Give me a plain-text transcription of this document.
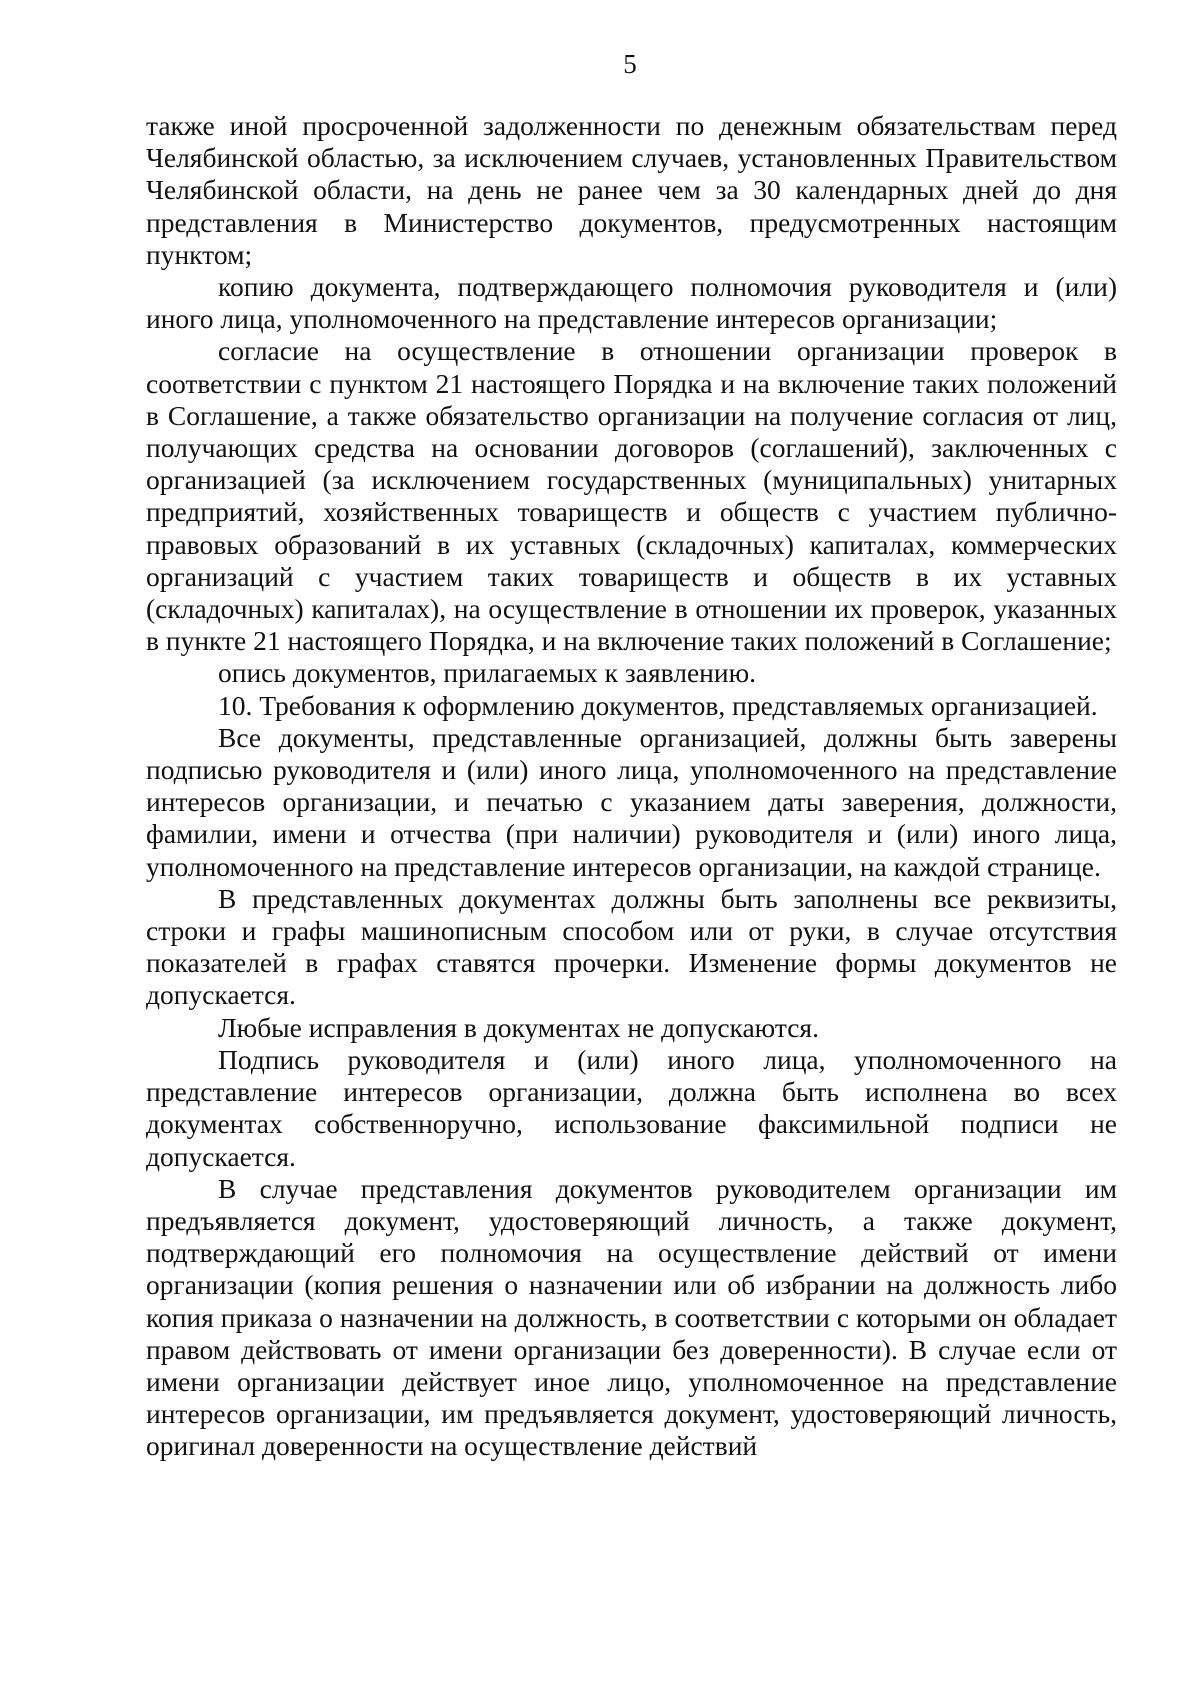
5

также иной просроченной задолженности по денежным обязательствам перед Челябинской областью, за исключением случаев, установленных Правительством Челябинской области, на день не ранее чем за 30 календарных дней до дня представления в Министерство документов, предусмотренных настоящим пунктом;

копию документа, подтверждающего полномочия руководителя и (или) иного лица, уполномоченного на представление интересов организации;

согласие на осуществление в отношении организации проверок в соответствии с пунктом 21 настоящего Порядка и на включение таких положений в Соглашение, а также обязательство организации на получение согласия от лиц, получающих средства на основании договоров (соглашений), заключенных с организацией (за исключением государственных (муниципальных) унитарных предприятий, хозяйственных товариществ и обществ с участием публично-правовых образований в их уставных (складочных) капиталах, коммерческих организаций с участием таких товариществ и обществ в их уставных (складочных) капиталах), на осуществление в отношении их проверок, указанных в пункте 21 настоящего Порядка, и на включение таких положений в Соглашение;

опись документов, прилагаемых к заявлению.

10. Требования к оформлению документов, представляемых организацией.

Все документы, представленные организацией, должны быть заверены подписью руководителя и (или) иного лица, уполномоченного на представление интересов организации, и печатью с указанием даты заверения, должности, фамилии, имени и отчества (при наличии) руководителя и (или) иного лица, уполномоченного на представление интересов организации, на каждой странице.

В представленных документах должны быть заполнены все реквизиты, строки и графы машинописным способом или от руки, в случае отсутствия показателей в графах ставятся прочерки. Изменение формы документов не допускается.

Любые исправления в документах не допускаются.

Подпись руководителя и (или) иного лица, уполномоченного на представление интересов организации, должна быть исполнена во всех документах собственноручно, использование факсимильной подписи не допускается.

В случае представления документов руководителем организации им предъявляется документ, удостоверяющий личность, а также документ, подтверждающий его полномочия на осуществление действий от имени организации (копия решения о назначении или об избрании на должность либо копия приказа о назначении на должность, в соответствии с которыми он обладает правом действовать от имени организации без доверенности). В случае если от имени организации действует иное лицо, уполномоченное на представление интересов организации, им предъявляется документ, удостоверяющий личность, оригинал доверенности на осуществление действий
